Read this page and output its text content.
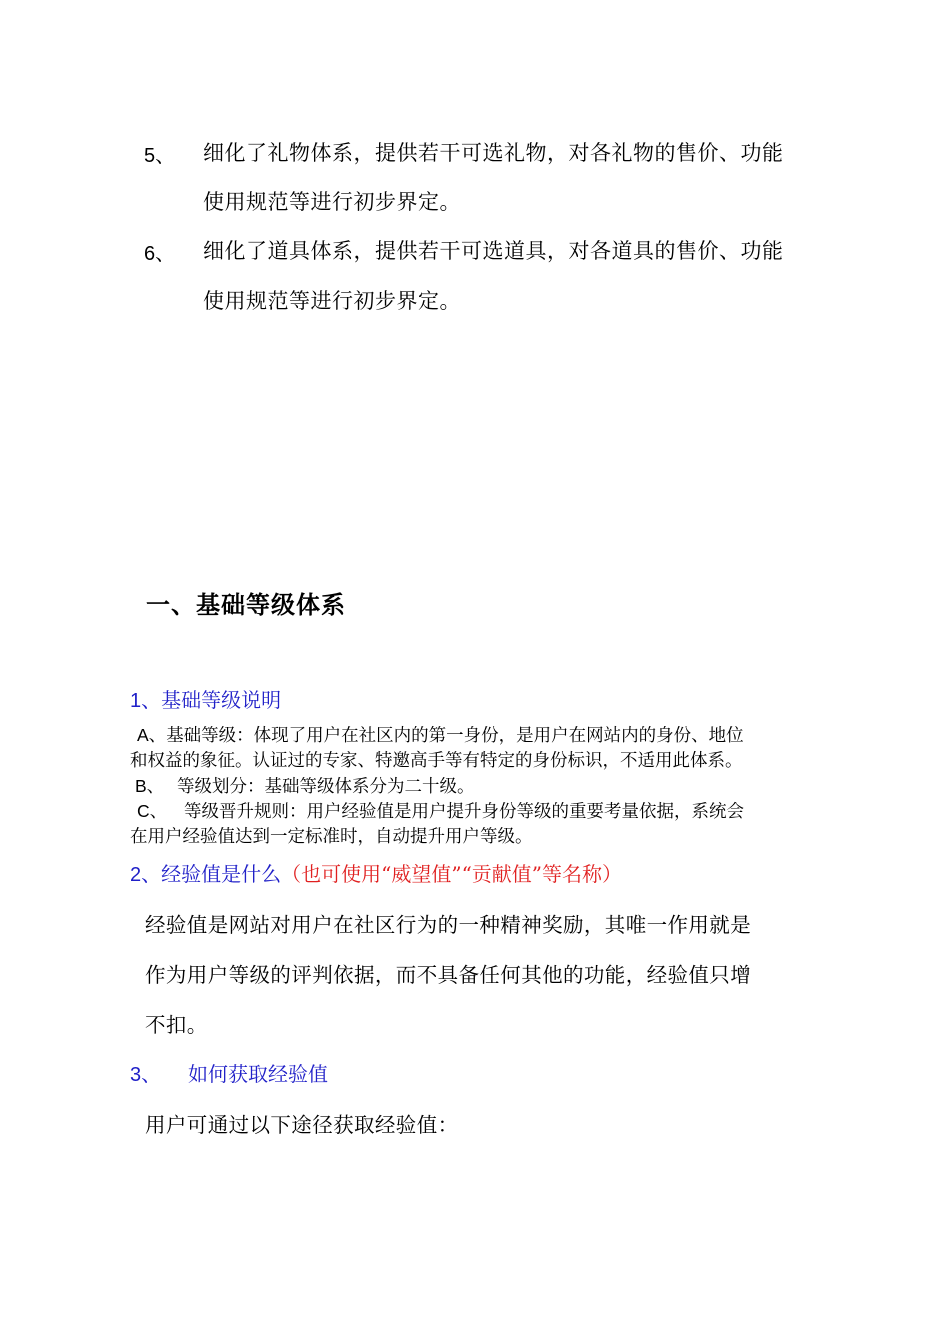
5、 细化了礼物体系，提供若干可选礼物，对各礼物的售价、功能
使用规范等进行初步界定。
6、 细化了道具体系，提供若干可选道具，对各道具的售价、功能
使用规范等进行初步界定。
一、基础等级体系
1、基础等级说明
A、基础等级：体现了用户在社区内的第一身份，是用户在网站内的身份、地位
和权益的象征。认证过的专家、特邀高手等有特定的身份标识，不适用此体系。
B、 等级划分：基础等级体系分为二十级。
C、 等级晋升规则：用户经验值是用户提升身份等级的重要考量依据，系统会
在用户经验值达到一定标准时，自动提升用户等级。
2、经验值是什么（也可使用“威望值”“贡献值”等名称）
经验值是网站对用户在社区行为的一种精神奖励，其唯一作用就是
作为用户等级的评判依据，而不具备任何其他的功能，经验值只增
不扣。
3、 如何获取经验值
用户可通过以下途径获取经验值：
